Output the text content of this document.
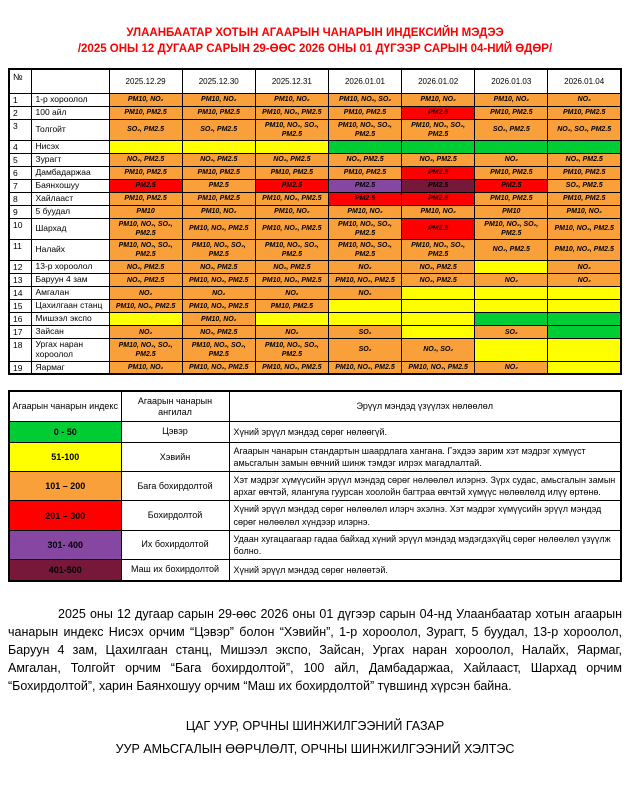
УЛААНБААТАР ХОТЫН АГААРЫН ЧАНАРЫН ИНДЕКСИЙН МЭДЭЭ
/2025 ОНЫ 12 ДУГААР САРЫН 29-ӨӨС 2026 ОНЫ 01 ДҮГЭЭР САРЫН 04-НИЙ ӨДӨР/
№		2025.12.29	2025.12.30	2025.12.31	2026.01.01	2026.01.02	2026.01.03	2026.01.04
1	1-р хороолол	PM10, NO₂	PM10, NO₂	PM10, NO₂	PM10, NO₂, SO₂	PM10, NO₂	PM10, NO₂	NO₂
2	100 айл	PM10, PM2.5	PM10, PM2.5	PM10, NO₂, PM2.5	PM10, PM2.5	PM2.5	PM10, PM2.5	PM10, PM2.5
3	Толгойт	SO₂, PM2.5	SO₂, PM2.5	PM10, NO₂, SO₂, PM2.5	PM10, NO₂, SO₂, PM2.5	PM10, NO₂, SO₂, PM2.5	SO₂, PM2.5	NO₂, SO₂, PM2.5
4	Нисэх							
5	Зурагт	NO₂, PM2.5	NO₂, PM2.5	NO₂, PM2.5	NO₂, PM2.5	NO₂, PM2.5	NO₂	NO₂, PM2.5
6	Дамбадаржаа	PM10, PM2.5	PM10, PM2.5	PM10, PM2.5	PM10, PM2.5	PM2.5	PM10, PM2.5	PM10, PM2.5
7	Баянхошуу	PM2.5	PM2.5	PM2.5	PM2.5	PM2.5	PM2.5	SO₂, PM2.5
8	Хайлааст	PM10, PM2.5	PM10, PM2.5	PM10, NO₂, PM2.5	PM2.5	PM2.5	PM10, PM2.5	PM10, PM2.5
9	5 буудал	PM10	PM10, NO₂	PM10, NO₂	PM10, NO₂	PM10, NO₂	PM10	PM10, NO₂
10	Шархад	PM10, NO₂, SO₂, PM2.5	PM10, NO₂, PM2.5	PM10, NO₂, PM2.5	PM10, NO₂, SO₂, PM2.5	PM2.5	PM10, NO₂, SO₂, PM2.5	PM10, NO₂, PM2.5
11	Налайх	PM10, NO₂, SO₂, PM2.5	PM10, NO₂, SO₂, PM2.5	PM10, NO₂, SO₂, PM2.5	PM10, NO₂, SO₂, PM2.5	PM10, NO₂, SO₂, PM2.5	NO₂, PM2.5	PM10, NO₂, PM2.5
12	13-р хороолол	NO₂, PM2.5	NO₂, PM2.5	NO₂, PM2.5	NO₂	NO₂, PM2.5		NO₂
13	Баруун 4 зам	NO₂, PM2.5	PM10, NO₂, PM2.5	PM10, NO₂, PM2.5	PM10, NO₂, PM2.5	NO₂, PM2.5	NO₂	NO₂
14	Амгалан	NO₂	NO₂	NO₂	NO₂			
15	Цахилгаан станц	PM10, NO₂, PM2.5	PM10, NO₂, PM2.5	PM10, PM2.5				
16	Мишээл экспо		PM10, NO₂					
17	Зайсан	NO₂	NO₂, PM2.5	NO₂	SO₂		SO₂	
18	Ургах наран хороолол	PM10, NO₂, SO₂, PM2.5	PM10, NO₂, SO₂, PM2.5	PM10, NO₂, SO₂, PM2.5	SO₂	NO₂, SO₂		
19	Яармаг	PM10, NO₂	PM10, NO₂, PM2.5	PM10, NO₂, PM2.5	PM10, NO₂, PM2.5	PM10, NO₂, PM2.5	NO₂	
Агаарын чанарын индекс	Агаарын чанарын ангилал	Эрүүл мэндэд үзүүлэх нөлөөлөл
0 - 50	Цэвэр	Хүний эрүүл мэндэд сөрөг нөлөөгүй.
51-100	Хэвийн	Агаарын чанарын стандартын шаардлага хангана. Гэхдээ зарим хэт мэдрэг хүмүүст амьсгалын замын өвчний шинж тэмдэг илрэх магадлалтай.
101 – 200	Бага бохирдолтой	Хэт мэдрэг хүмүүсийн эрүүл мэндэд сөрөг нөлөөлөл илэрнэ. Зүрх судас, амьсгалын замын архаг өвчтэй, ялангуяа гуурсан хоолойн багтраа өвчтэй хүмүүс нөлөөлөлд илүү өртөнө.
201 – 300	Бохирдолтой	Хүний эрүүл мэндэд сөрөг нөлөөлөл илэрч эхэлнэ. Хэт мэдрэг хүмүүсийн эрүүл мэндэд сөрөг нөлөөлөл хүндээр илэрнэ.
301- 400	Их бохирдолтой	Удаан хугацаагаар гадаа байхад хүний эрүүл мэндэд мэдэгдэхүйц сөрөг нөлөөлөл үзүүлж болно.
401-500	Маш их бохирдолтой	Хүний эрүүл мэндэд сөрөг нөлөөтэй.

2025 оны 12 дугаар сарын 29-өөс 2026 оны 01 дүгээр сарын 04-нд Улаанбаатар хотын агаарын чанарын индекс Нисэх орчим “Цэвэр” болон “Хэвийн”, 1-р хороолол, Зурагт, 5 буудал, 13-р хороолол, Баруун 4 зам, Цахилгаан станц, Мишээл экспо, Зайсан, Ургах наран хороолол, Налайх, Яармаг, Амгалан, Толгойт орчим “Бага бохирдолтой”, 100 айл, Дамбадаржаа, Хайлааст, Шархад орчим “Бохирдолтой”, харин Баянхошуу орчим “Маш их бохирдолтой” түвшинд хүрсэн байна.

ЦАГ УУР, ОРЧНЫ ШИНЖИЛГЭЭНИЙ ГАЗАР
УУР АМЬСГАЛЫН ӨӨРЧЛӨЛТ, ОРЧНЫ ШИНЖИЛГЭЭНИЙ ХЭЛТЭС
